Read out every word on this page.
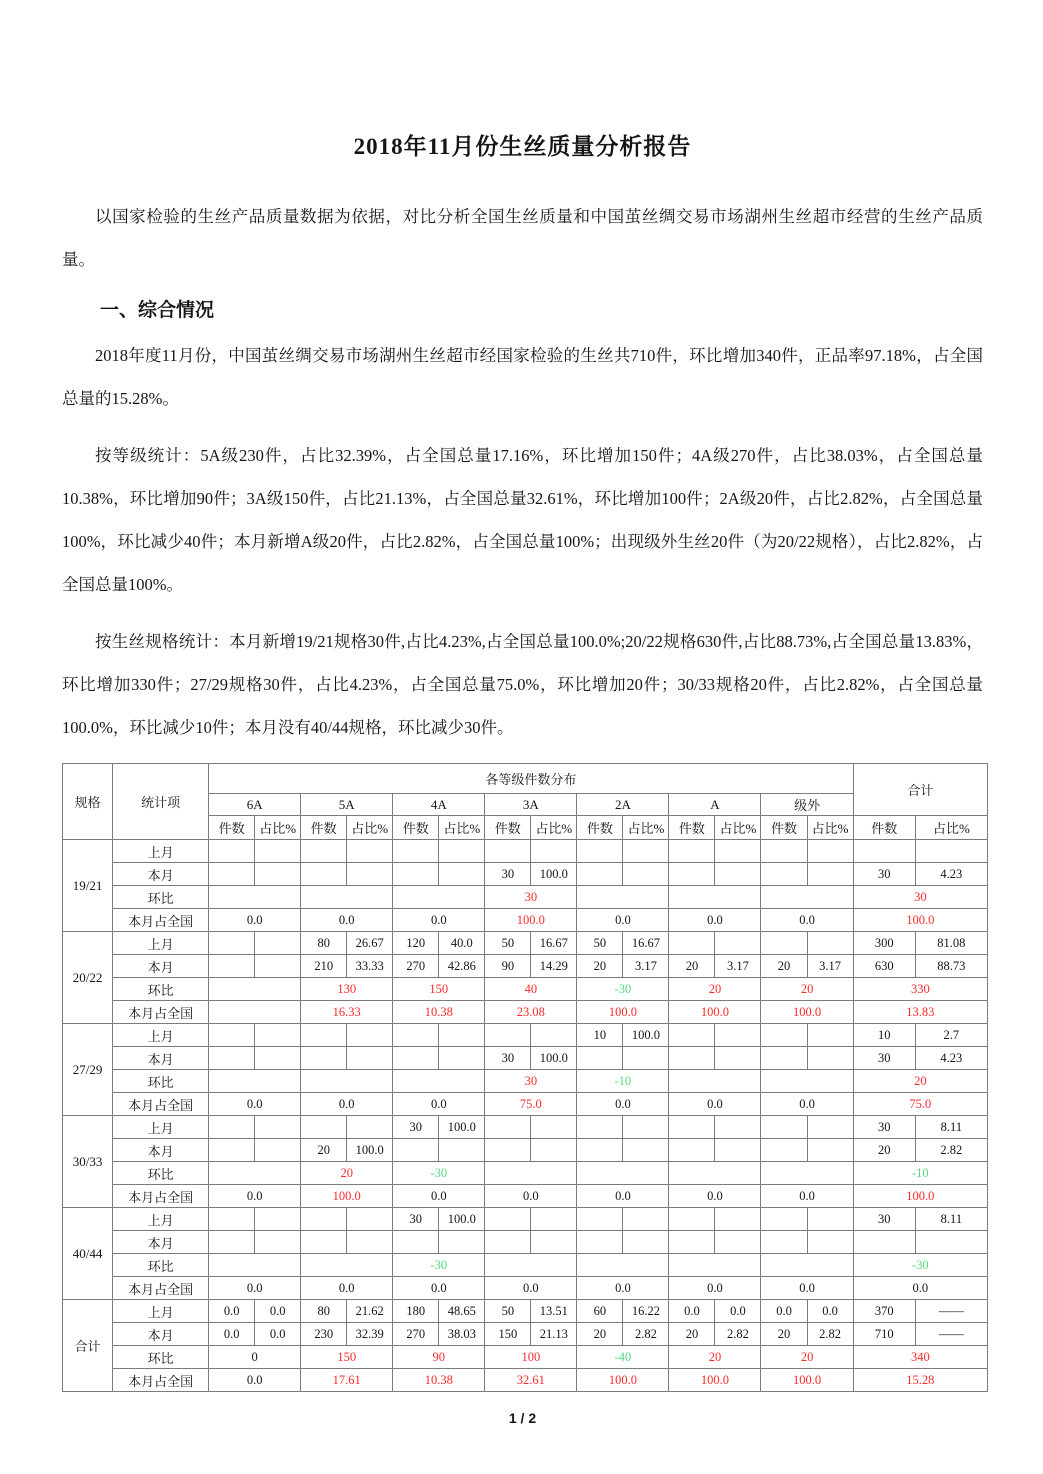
2018年11月份生丝质量分析报告

以国家检验的生丝产品质量数据为依据，对比分析全国生丝质量和中国茧丝绸交易市场湖州生丝超市经营的生丝产品质量。

一、综合情况

2018年度11月份，中国茧丝绸交易市场湖州生丝超市经国家检验的生丝共710件，环比增加340件，正品率97.18%，占全国总量的15.28%。

按等级统计：5A级230件，占比32.39%，占全国总量17.16%，环比增加150件；4A级270件，占比38.03%，占全国总量10.38%，环比增加90件；3A级150件，占比21.13%，占全国总量32.61%，环比增加100件；2A级20件，占比2.82%，占全国总量100%，环比减少40件；本月新增A级20件，占比2.82%，占全国总量100%；出现级外生丝20件（为20/22规格），占比2.82%，占全国总量100%。

按生丝规格统计：本月新增19/21规格30件,占比4.23%,占全国总量100.0%;20/22规格630件,占比88.73%,占全国总量13.83%，环比增加330件；27/29规格30件，占比4.23%，占全国总量75.0%，环比增加20件；30/33规格20件，占比2.82%，占全国总量100.0%，环比减少10件；本月没有40/44规格，环比减少30件。

规格	统计项	各等级件数分布														合计	
		6A		5A		4A		3A		2A		A		级外			
		件数	占比%	件数	占比%	件数	占比%	件数	占比%	件数	占比%	件数	占比%	件数	占比%	件数	占比%
19/21	上月																
	本月							30	100.0							30	4.23
	环比							30								30	
	本月占全国	0.0		0.0		0.0		100.0		0.0		0.0		0.0		100.0	
20/22	上月			80	26.67	120	40.0	50	16.67	50	16.67					300	81.08
	本月			210	33.33	270	42.86	90	14.29	20	3.17	20	3.17	20	3.17	630	88.73
	环比			130		150		40		-30		20		20		330	
	本月占全国			16.33		10.38		23.08		100.0		100.0		100.0		13.83	
27/29	上月									10	100.0					10	2.7
	本月							30	100.0							30	4.23
	环比							30		-10						20	
	本月占全国	0.0		0.0		0.0		75.0		0.0		0.0		0.0		75.0	
30/33	上月					30	100.0									30	8.11
	本月			20	100.0											20	2.82
	环比			20		-30										-10	
	本月占全国	0.0		100.0		0.0		0.0		0.0		0.0		0.0		100.0	
40/44	上月					30	100.0									30	8.11
	本月																
	环比					-30										-30	
	本月占全国	0.0		0.0		0.0		0.0		0.0		0.0		0.0		0.0	
合计	上月	0.0	0.0	80	21.62	180	48.65	50	13.51	60	16.22	0.0	0.0	0.0	0.0	370	——
	本月	0.0	0.0	230	32.39	270	38.03	150	21.13	20	2.82	20	2.82	20	2.82	710	——
	环比	0		150		90		100		-40		20		20		340	
	本月占全国	0.0		17.61		10.38		32.61		100.0		100.0		100.0		15.28	
1 / 2
